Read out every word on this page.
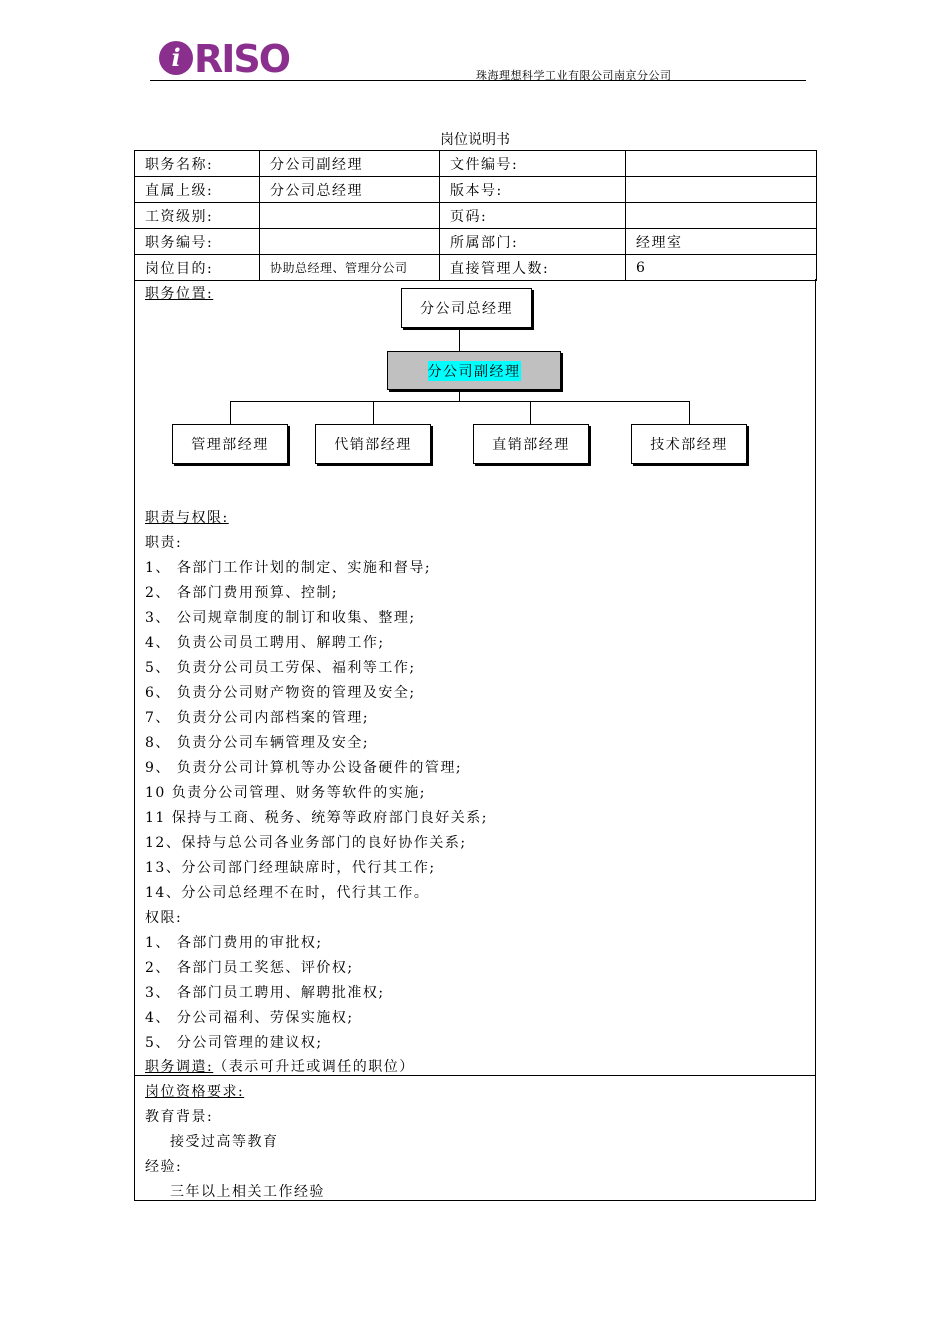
i RISO	珠海理想科学工业有限公司南京分公司
岗位说明书
职务名称:	分公司副经理	文件编号:	
直属上级:	分公司总经理	版本号:	
工资级别:		页码:	
职务编号:		所属部门:	经理室
岗位目的:	协助总经理、管理分公司	直接管理人数:	6
职务位置:
分公司总经理
分公司副经理
管理部经理	代销部经理	直销部经理	技术部经理
职责与权限:
职责:
1、 各部门工作计划的制定、实施和督导;
2、 各部门费用预算、控制;
3、 公司规章制度的制订和收集、整理;
4、 负责公司员工聘用、解聘工作;
5、 负责分公司员工劳保、福利等工作;
6、 负责分公司财产物资的管理及安全;
7、 负责分公司内部档案的管理;
8、 负责分公司车辆管理及安全;
9、 负责分公司计算机等办公设备硬件的管理;
10 负责分公司管理、财务等软件的实施;
11 保持与工商、税务、统筹等政府部门良好关系;
12、保持与总公司各业务部门的良好协作关系;
13、分公司部门经理缺席时，代行其工作;
14、分公司总经理不在时，代行其工作。
权限:
1、 各部门费用的审批权;
2、 各部门员工奖惩、评价权;
3、 各部门员工聘用、解聘批准权;
4、 分公司福利、劳保实施权;
5、 分公司管理的建议权;
职务调遣:（表示可升迁或调任的职位）
岗位资格要求:
教育背景:
接受过高等教育
经验:
三年以上相关工作经验
